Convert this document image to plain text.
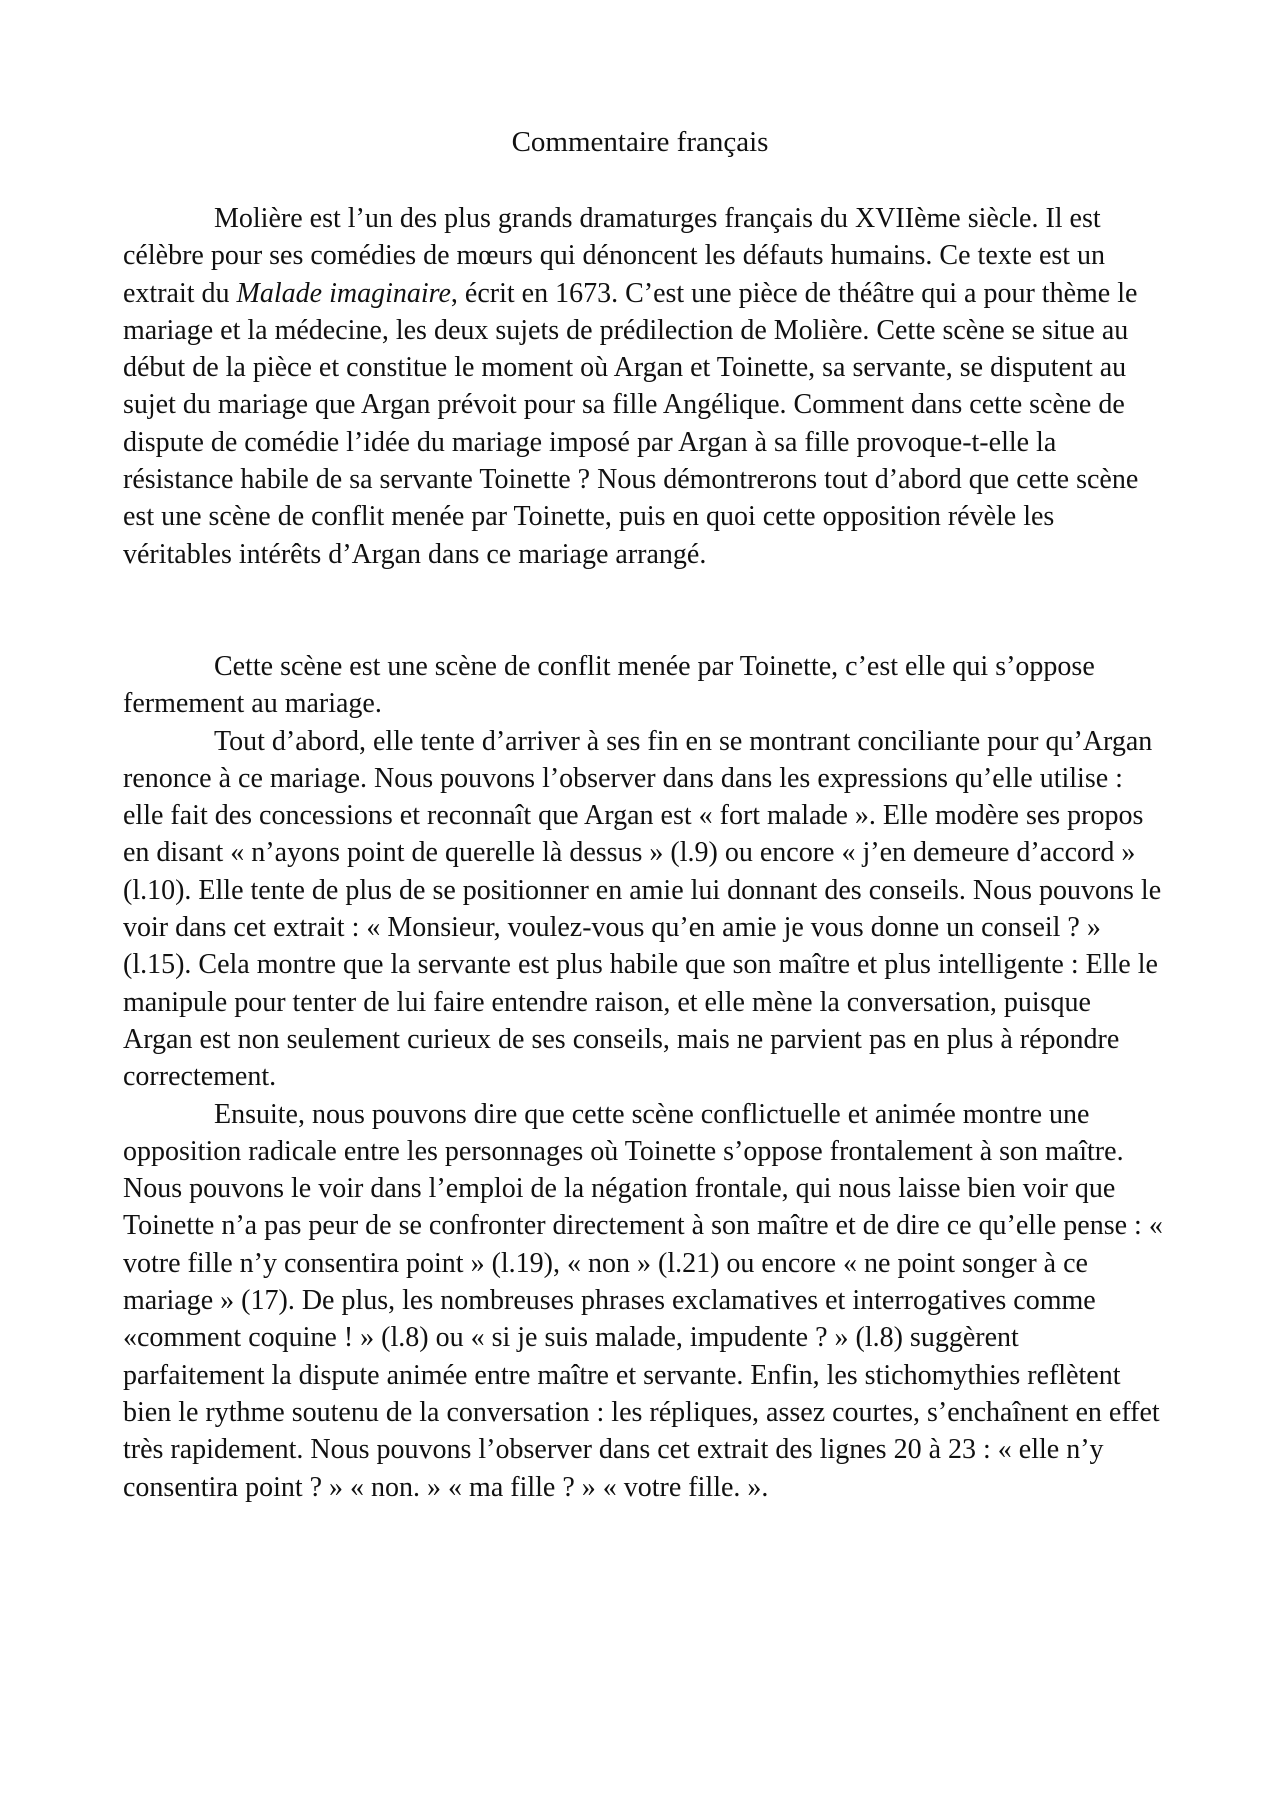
Commentaire français

Molière est l’un des plus grands dramaturges français du XVIIème siècle. Il est célèbre pour ses comédies de mœurs qui dénoncent les défauts humains. Ce texte est un extrait du Malade imaginaire, écrit en 1673. C’est une pièce de théâtre qui a pour thème le mariage et la médecine, les deux sujets de prédilection de Molière. Cette scène se situe au début de la pièce et constitue le moment où Argan et Toinette, sa servante, se disputent au sujet du mariage que Argan prévoit pour sa fille Angélique. Comment dans cette scène de dispute de comédie l’idée du mariage imposé par Argan à sa fille provoque-t-elle la résistance habile de sa servante Toinette ? Nous démontrerons tout d’abord que cette scène est une scène de conflit menée par Toinette, puis en quoi cette opposition révèle les véritables intérêts d’Argan dans ce mariage arrangé.

Cette scène est une scène de conflit menée par Toinette, c’est elle qui s’oppose fermement au mariage.

Tout d’abord, elle tente d’arriver à ses fin en se montrant conciliante pour qu’Argan renonce à ce mariage. Nous pouvons l’observer dans dans les expressions qu’elle utilise : elle fait des concessions et reconnaît que Argan est « fort malade ». Elle modère ses propos en disant « n’ayons point de querelle là dessus » (l.9) ou encore « j’en demeure d’accord » (l.10). Elle tente de plus de se positionner en amie lui donnant des conseils. Nous pouvons le voir dans cet extrait : « Monsieur, voulez-vous qu’en amie je vous donne un conseil ? » (l.15). Cela montre que la servante est plus habile que son maître et plus intelligente : Elle le manipule pour tenter de lui faire entendre raison, et elle mène la conversation, puisque Argan est non seulement curieux de ses conseils, mais ne parvient pas en plus à répondre correctement.

Ensuite, nous pouvons dire que cette scène conflictuelle et animée montre une opposition radicale entre les personnages où Toinette s’oppose frontalement à son maître. Nous pouvons le voir dans l’emploi de la négation frontale, qui nous laisse bien voir que Toinette n’a pas peur de se confronter directement à son maître et de dire ce qu’elle pense : « votre fille n’y consentira point » (l.19), « non » (l.21) ou encore « ne point songer à ce mariage » (17). De plus, les nombreuses phrases exclamatives et interrogatives comme «comment coquine ! » (l.8) ou « si je suis malade, impudente ? » (l.8) suggèrent parfaitement la dispute animée entre maître et servante. Enfin, les stichomythies reflètent bien le rythme soutenu de la conversation : les répliques, assez courtes, s’enchaînent en effet très rapidement. Nous pouvons l’observer dans cet extrait des lignes 20 à 23 : « elle n’y consentira point ? » « non. » « ma fille ? » « votre fille. ».
